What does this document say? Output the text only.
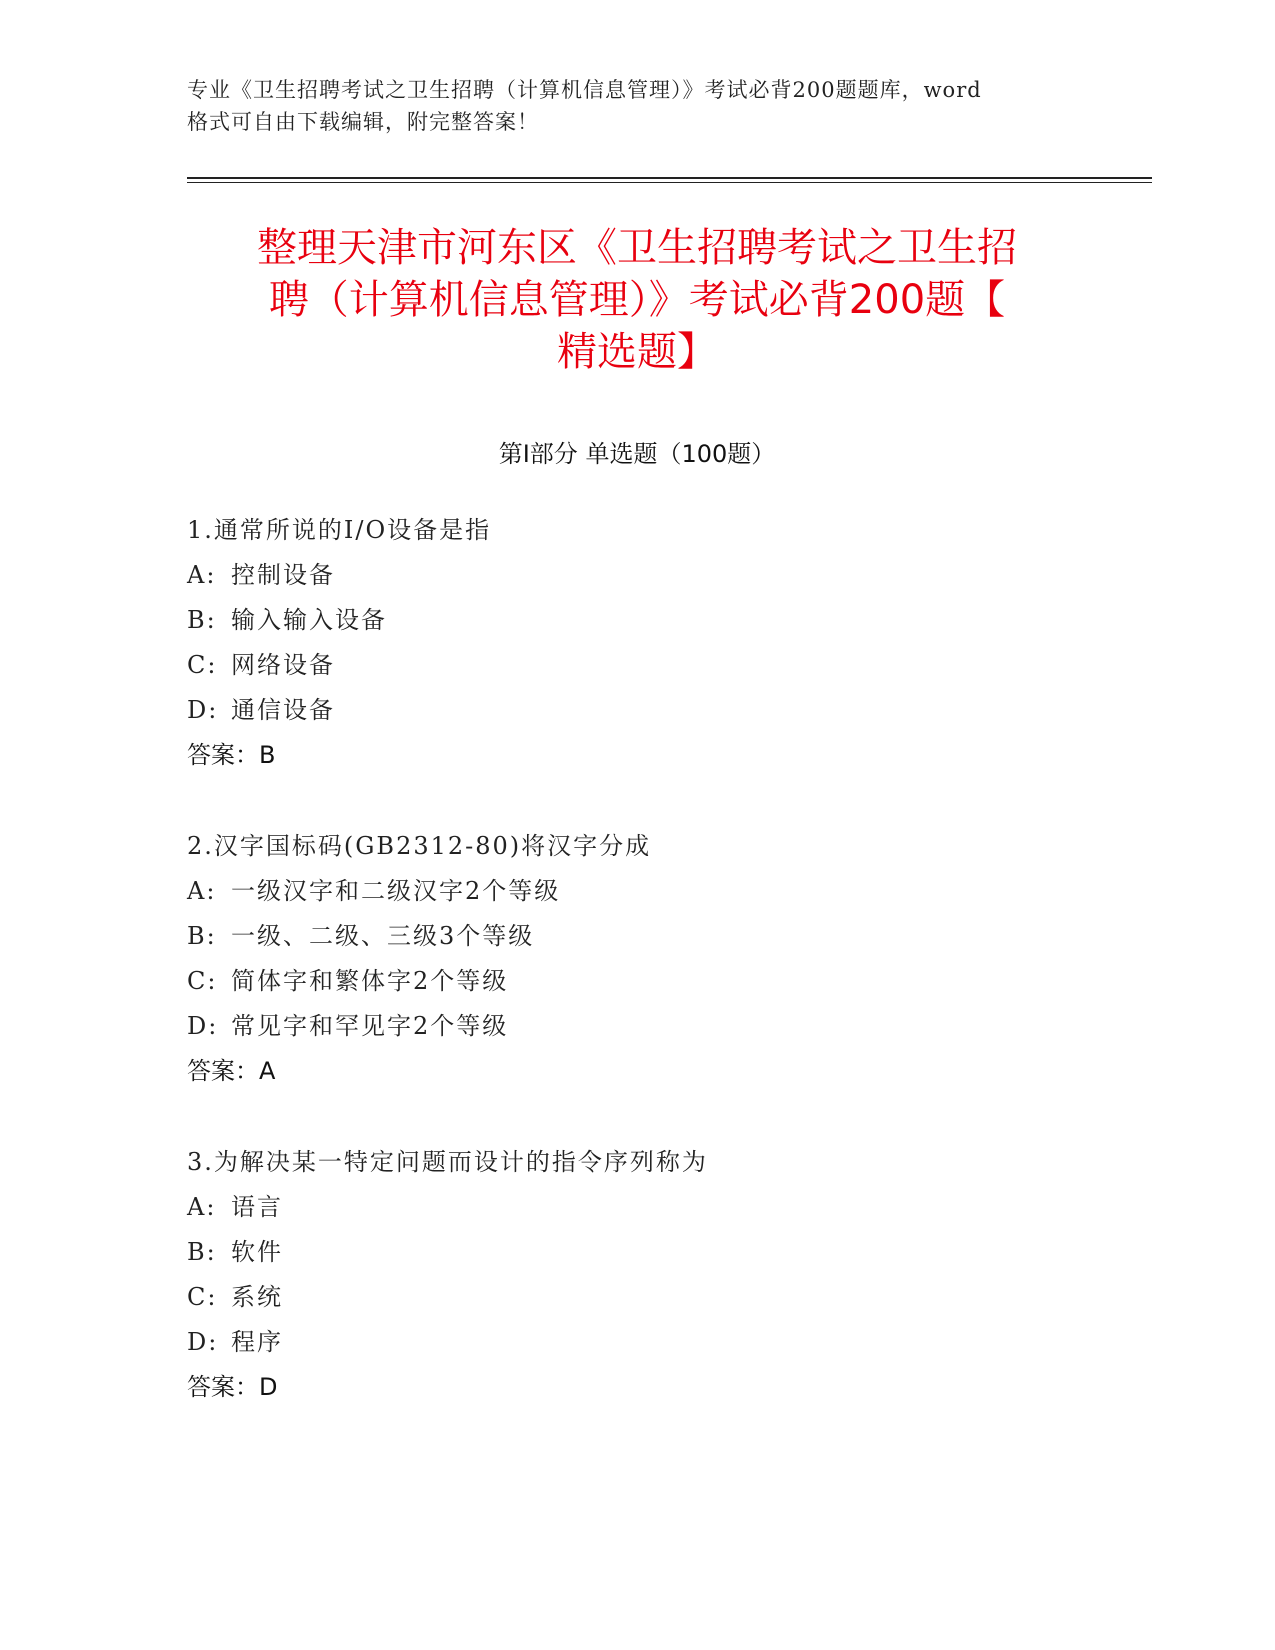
专业《卫生招聘考试之卫生招聘（计算机信息管理）》考试必背200题题库，word
格式可自由下载编辑，附完整答案！
整理天津市河东区《卫生招聘考试之卫生招
聘（计算机信息管理）》考试必背200题【
精选题】
第Ⅰ部分 单选题（100题）
1.通常所说的I/O设备是指
A: 控制设备
B: 输入输入设备
C: 网络设备
D: 通信设备
答案：B
2.汉字国标码(GB2312-80)将汉字分成
A: 一级汉字和二级汉字2个等级
B: 一级、二级、三级3个等级
C: 简体字和繁体字2个等级
D: 常见字和罕见字2个等级
答案：A
3.为解决某一特定问题而设计的指令序列称为
A: 语言
B: 软件
C: 系统
D: 程序
答案：D
